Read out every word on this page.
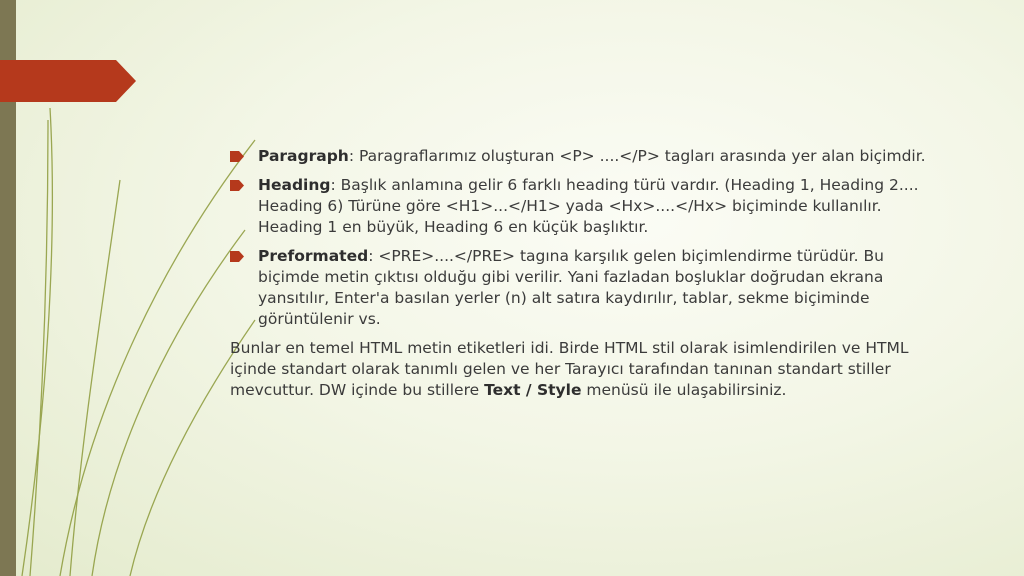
Paragraph: Paragraflarımız oluşturan <P> ....</P> tagları arasında yer alan biçimdir.
Heading: Başlık anlamına gelir 6 farklı heading türü vardır. (Heading 1, Heading 2.... Heading 6) Türüne göre <H1>...</H1> yada <Hx>....</Hx> biçiminde kullanılır. Heading 1 en büyük, Heading 6 en küçük başlıktır.
Preformated: <PRE>....</PRE> tagına karşılık gelen biçimlendirme türüdür. Bu biçimde metin çıktısı olduğu gibi verilir. Yani fazladan boşluklar doğrudan ekrana yansıtılır, Enter'a basılan yerler (n) alt satıra kaydırılır, tablar, sekme biçiminde görüntülenir vs.
Bunlar en temel HTML metin etiketleri idi. Birde HTML stil olarak isimlendirilen ve HTML içinde standart olarak tanımlı gelen ve her Tarayıcı tarafından tanınan standart stiller mevcuttur. DW içinde bu stillere Text / Style menüsü ile ulaşabilirsiniz.
